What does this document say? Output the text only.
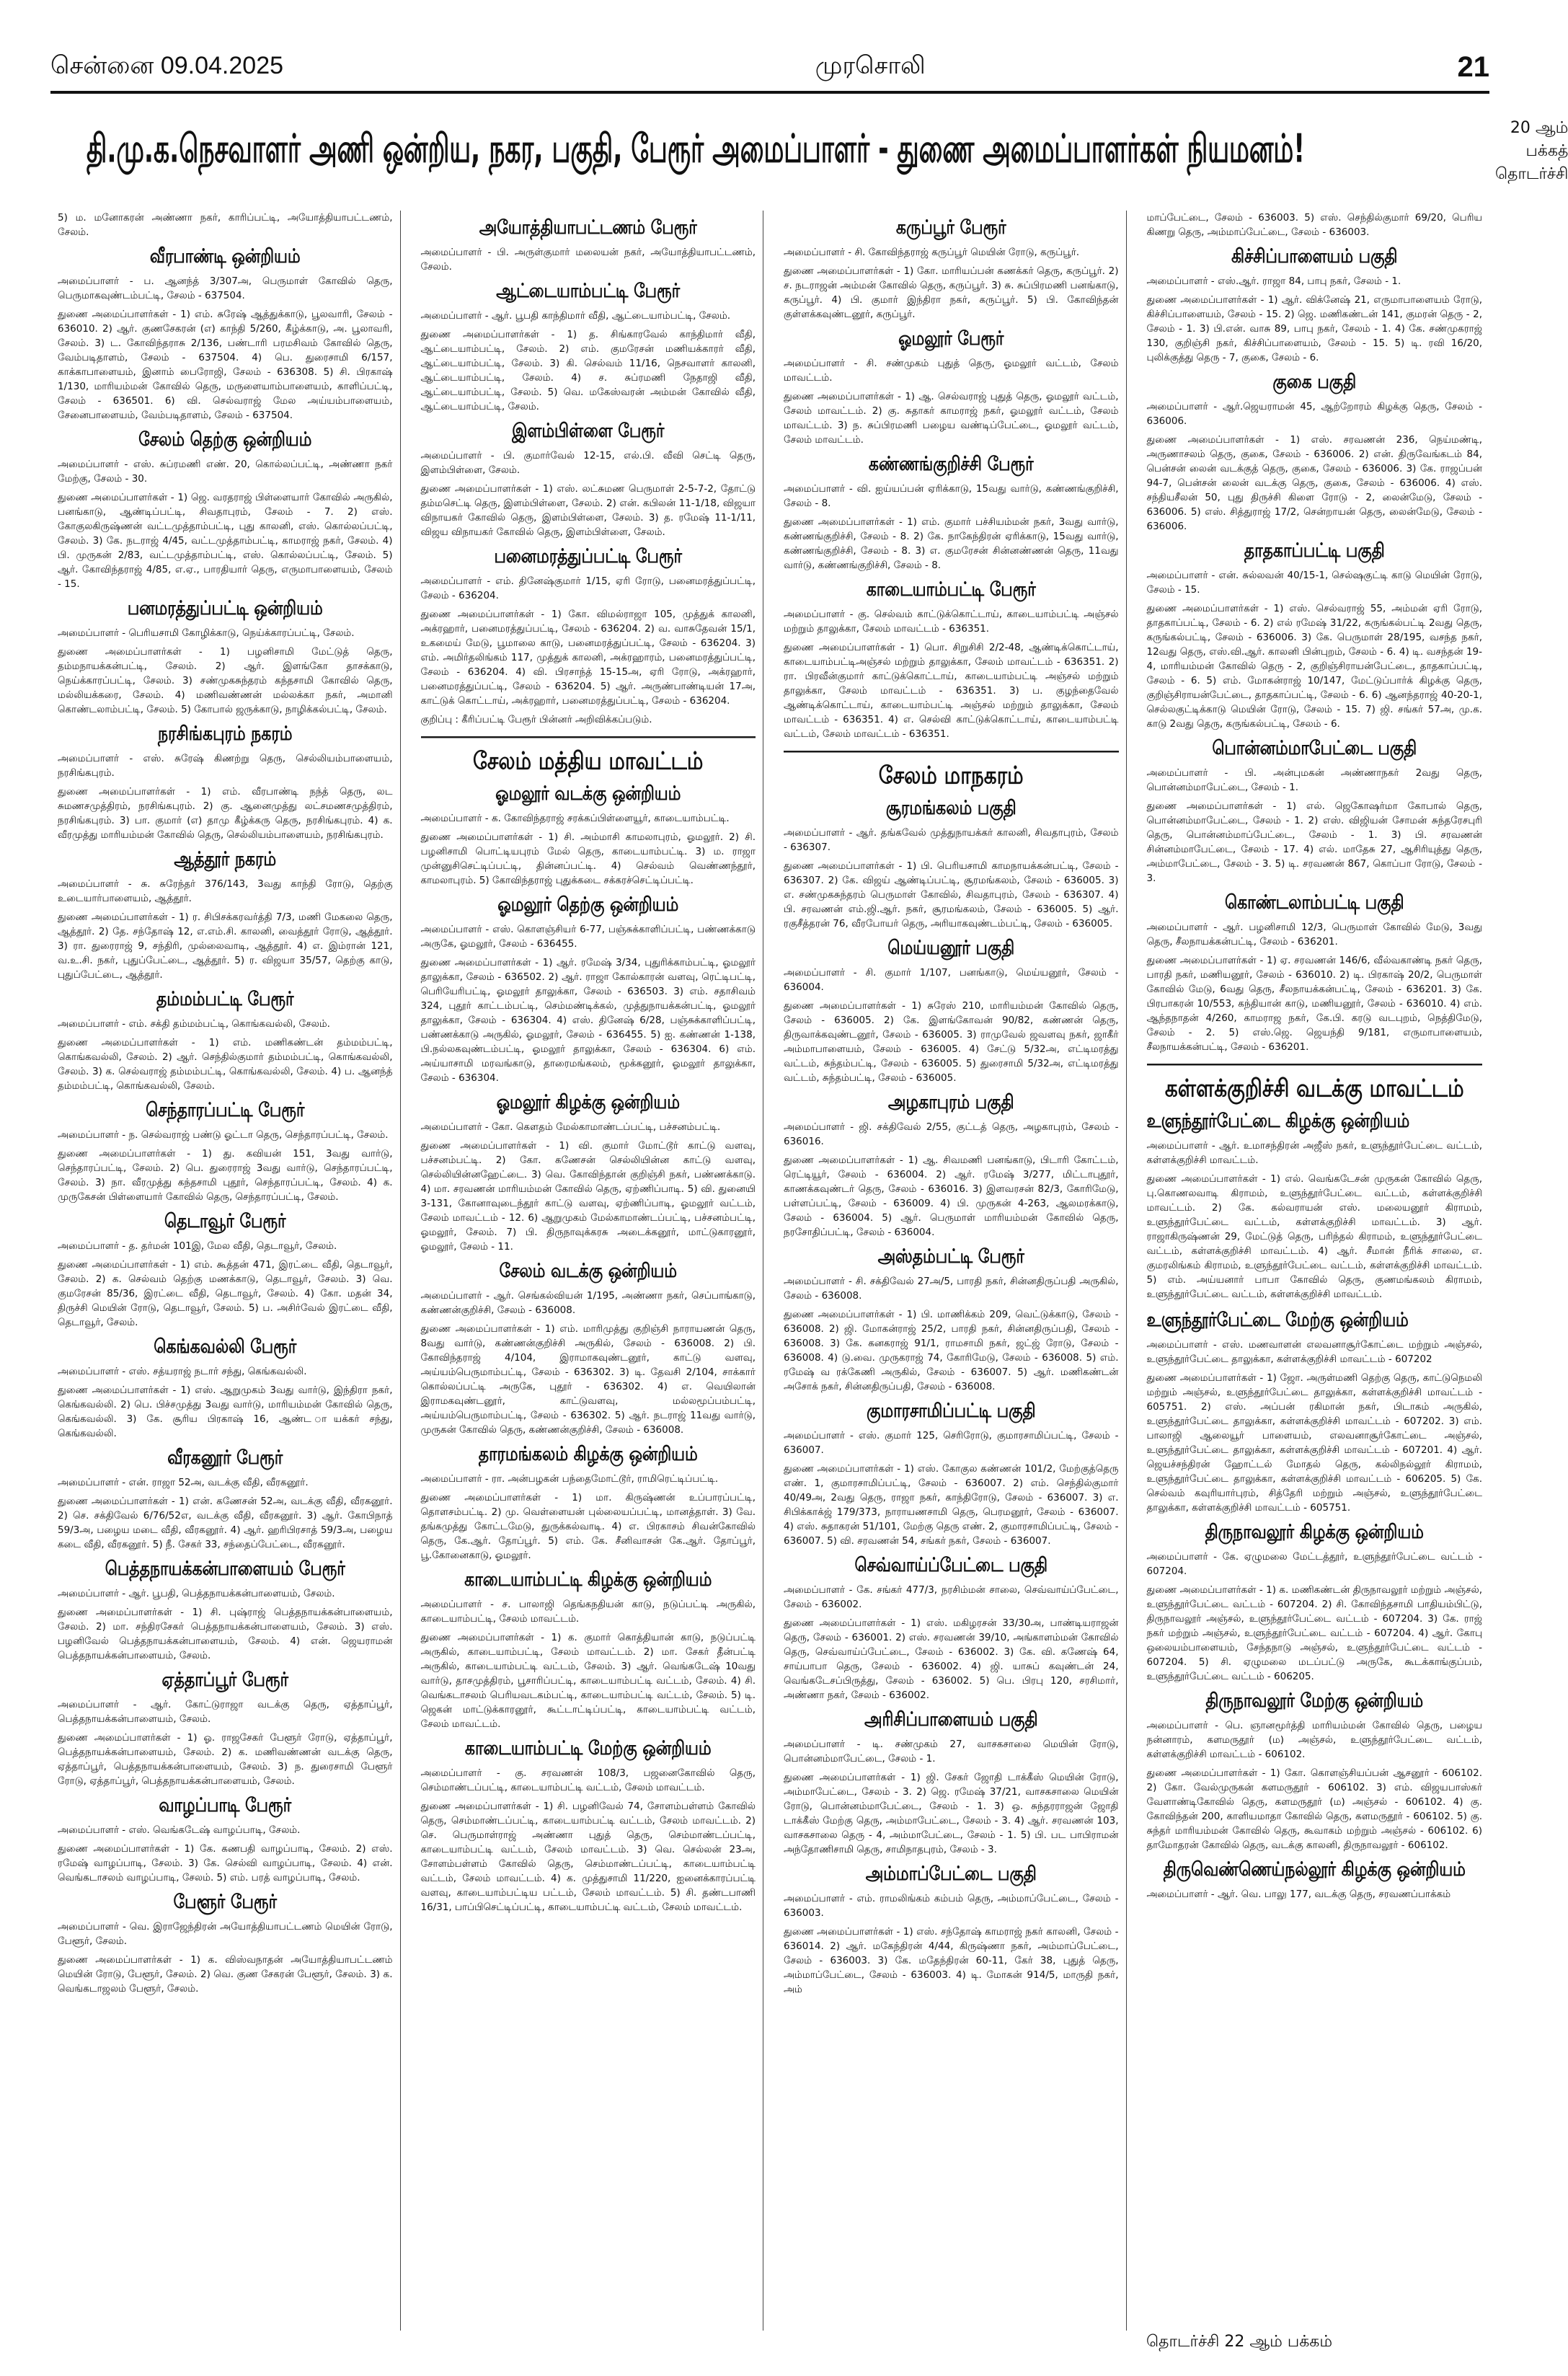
சென்னை 09.04.2025	முரசொலி	21
தி.மு.க.நெசவாளர் அணி ஒன்றிய, நகர, பகுதி, பேரூர் அமைப்பாளர் - துணை அமைப்பாளர்கள் நியமனம்!	20 ஆம் பக்கத்
தொடர்ச்சி
5) ம. மனோகரன் அண்ணா நகர், காரிப்பட்டி, அயோத்தியாபட்டணம், சேலம்.
வீரபாண்டி ஒன்றியம்
அமைப்பாளர் - ப. ஆனந்த் 3/307அ, பெருமாள் கோவில் தெரு, பெருமாகவுண்டம்பட்டி, சேலம் - 637504.
துணை அமைப்பாளர்கள் - 1) எம். சுரேஷ் ஆத்துக்காடு, பூலவாரி, சேலம் - 636010. 2) ஆர். குணசேகரன் (எ) காந்தி 5/260, கீழ்க்காடு, அ. பூலாவரி, சேலம். 3) ட. கோவிந்தராசு 2/136, பண்டாரி பரமசிவம் கோவில் தெரு, வேம்படிதாளம், சேலம் - 637504. 4) பெ. துரைசாமி 6/157, காக்காபாளையம், இனாம் பைரோஜி, சேலம் - 636308. 5) சி. பிரகாஷ் 1/130, மாரியம்மன் கோவில் தெரு, மருளையாம்பாளையம், காளிப்பட்டி, சேலம் - 636501. 6) வி. செல்வராஜ் மேல அய்யம்பாளையம், சேனைபாளையம், வேம்படிதாளம், சேலம் - 637504.
சேலம் தெற்கு ஒன்றியம்
அமைப்பாளர் - எஸ். சுப்ரமணி எண். 20, கொல்லப்பட்டி, அண்ணா நகர் மேற்கு, சேலம் - 30.
துணை அமைப்பாளர்கள் - 1) ஜெ. வரதராஜ் பிள்ளையார் கோவில் அருகில், பனங்காடு, ஆண்டிப்பட்டி, சிவதாபுரம், சேலம் - 7. 2) எஸ். கோகுலகிருஷ்ணன் வட்டமுத்தாம்பட்டி, புது காலனி, எஸ். கொல்லப்பட்டி, சேலம். 3) கே. நடராஜ் 4/45, வட்டமுத்தாம்பட்டி, காமராஜ் நகர், சேலம். 4) பி. முருகன் 2/83, வட்டமுத்தாம்பட்டி, எஸ். கொல்லப்பட்டி, சேலம். 5) ஆர். கோவிந்தராஜ் 4/85, எ.ஏ., பாரதியார் தெரு, எருமாபாளையம், சேலம் - 15.
பனமரத்துப்பட்டி ஒன்றியம்
அமைப்பாளர் - பெரியசாமி கோழிக்காடு, நெய்க்காரப்பட்டி, சேலம்.
துணை அமைப்பாளர்கள் - 1) பழனிசாமி மேட்டுத் தெரு, தம்மநாயக்கன்பட்டி, சேலம். 2) ஆர். இளங்கோ தாசக்காடு, நெய்க்காரப்பட்டி, சேலம். 3) சண்முகசுந்தரம் கந்தசாமி கோவில் தெரு, மல்லியக்கரை, சேலம். 4) மணிவண்ணன் மல்லக்கா நகர், அமானி கொண்டலாம்பட்டி, சேலம். 5) கோபால் ஜருக்காடு, நாழிக்கல்பட்டி, சேலம்.
நரசிங்கபுரம் நகரம்
அமைப்பாளர் - எஸ். சுரேஷ் கிணற்று தெரு, செல்லியம்பாளையம், நரசிங்கபுரம்.
துணை அமைப்பாளர்கள் - 1) எம். வீரபாண்டி நந்த் தெரு, லட சுமணசமுத்திரம், நரசிங்கபுரம். 2) கு. ஆனைமுத்து லட்சமணசமுத்திரம், நரசிங்கபுரம். 3) பா. குமார் (எ) தாமு கீழ்க்கரு தெரு, நரசிங்கபுரம். 4) க. வீரமுத்து மாரியம்மன் கோவில் தெரு, செல்லியம்பாளையம், நரசிங்கபுரம்.
ஆத்தூர் நகரம்
அமைப்பாளர் - சு. சுரேந்தர் 376/143, 3வது காந்தி ரோடு, தெற்கு உடையார்பாளையம், ஆத்தூர்.
துணை அமைப்பாளர்கள் - 1) ர. சிபிசக்கரவர்த்தி 7/3, மணி மேகலை தெரு, ஆத்தூர். 2) தே. சந்தோஷ் 12, எ.எம்.சி. காலனி, வைத்தூர் ரோடு, ஆத்தூர். 3) ரா. துரைராஜ் 9, சந்திரி, முல்லைவாடி, ஆத்தூர். 4) எ. இம்ரான் 121, வ.உ.சி. நகர், புதுப்பேட்டை, ஆத்தூர். 5) ர. விஜயா 35/57, தெற்கு காடு, புதுப்பேட்டை, ஆத்தூர்.
தம்மம்பட்டி பேரூர்
அமைப்பாளர் - எம். சக்தி தம்மம்பட்டி, கொங்கவல்லி, சேலம்.
துணை அமைப்பாளர்கள் - 1) எம். மணிகண்டன் தம்மம்பட்டி, கொங்கவல்லி, சேலம். 2) ஆர். செந்தில்குமார் தம்மம்பட்டி, கொங்கவல்லி, சேலம். 3) க. செல்வராஜ் தம்மம்பட்டி, கொங்கவல்லி, சேலம். 4) ப. ஆனந்த் தம்மம்பட்டி, கொங்கவல்லி, சேலம்.
செந்தாரப்பட்டி பேரூர்
அமைப்பாளர் - ந. செல்வராஜ் பண்டு ஓட்டா தெரு, செந்தாரப்பட்டி, சேலம்.
துணை அமைப்பாளர்கள் - 1) து. கவியன் 151, 3வது வார்டு, செந்தாரப்பட்டி, சேலம். 2) பெ. துரைராஜ் 3வது வார்டு, செந்தாரப்பட்டி, சேலம். 3) நா. வீரமுத்து கந்தசாமி புதூர், செந்தாரப்பட்டி, சேலம். 4) க. முருகேசன் பிள்ளையார் கோவில் தெரு, செந்தாரப்பட்டி, சேலம்.
தெடாவூர் பேரூர்
அமைப்பாளர் - த. தர்மன் 101இ, மேல வீதி, தெடாவூர், சேலம்.
துணை அமைப்பாளர்கள் - 1) எம். கூத்தன் 471, இரட்டை வீதி, தெடாவூர், சேலம். 2) க. செல்வம் தெற்கு மணக்காடு, தெடாவூர், சேலம். 3) வெ. குமரேசன் 85/36, இரட்டை வீதி, தெடாவூர், சேலம். 4) கோ. மதன் 34, திருச்சி மெயின் ரோடு, தெடாவூர், சேலம். 5) ப. அசிர்வேல் இரட்டை வீதி, தெடாவூர், சேலம்.
கெங்கவல்லி பேரூர்
அமைப்பாளர் - எஸ். சத்யராஜ் நடார் சந்து, கெங்கவல்லி.
துணை அமைப்பாளர்கள் - 1) எஸ். ஆறுமுகம் 3வது வார்டு, இந்திரா நகர், கெங்கவல்லி. 2) பெ. பிச்சமுத்து 3வது வார்டு, மாரியம்மன் கோவில் தெரு, கெங்கவல்லி. 3) கே. சூரிய பிரகாஷ் 16, ஆண்ட ாயக்கர் சந்து, கெங்கவல்லி.
வீரகனூர் பேரூர்
அமைப்பாளர் - என். ராஜா 52அ, வடக்கு வீதி, வீரகனூர்.
துணை அமைப்பாளர்கள் - 1) என். கணேசன் 52அ, வடக்கு வீதி, வீரகனூர். 2) செ. சக்திவேல் 6/76/52எ, வடக்கு வீதி, வீரகனூர். 3) ஆர். கோபிநாத் 59/3அ, பழைய மடை வீதி, வீரகனூர். 4) ஆர். ஹரிபிரசாத் 59/3அ, பழைய கடை வீதி, வீரகனூர். 5) நீ. சேகர் 33, சந்தைப்பேட்டை, வீரகனூர்.
பெத்தநாயக்கன்பாளையம் பேரூர்
அமைப்பாளர் - ஆர். பூபதி, பெத்தநாயக்கன்பாளையம், சேலம்.
துணை அமைப்பாளர்கள் - 1) சி. புஷ்ராஜ் பெத்தநாயக்கன்பாளையம், சேலம். 2) மா. சந்திரசேகர் பெத்தநாயக்கன்பாளையம், சேலம். 3) எஸ். பழனிவேல் பெத்தநாயக்கன்பாளையம், சேலம். 4) என். ஜெயராமன் பெத்தநாயக்கன்பாளையம், சேலம்.
ஏத்தாப்பூர் பேரூர்
அமைப்பாளர் - ஆர். கோட்டுராஜா வடக்கு தெரு, ஏத்தாப்பூர், பெத்தநாயக்கன்பாளையம், சேலம்.
துணை அமைப்பாளர்கள் - 1) ஓ. ராஜசேகர் பேளூர் ரோடு, ஏத்தாப்பூர், பெத்தநாயக்கன்பாளையம், சேலம். 2) க. மணிவண்ணன் வடக்கு தெரு, ஏத்தாப்பூர், பெத்தநாயக்கன்பாளையம், சேலம். 3) ந. துரைசாமி பேளூர் ரோடு, ஏத்தாப்பூர், பெத்தநாயக்கன்பாளையம், சேலம்.
வாழப்பாடி பேரூர்
அமைப்பாளர் - எஸ். வெங்கடேஷ் வாழப்பாடி, சேலம்.
துணை அமைப்பாளர்கள் - 1) கே. கணபதி வாழப்பாடி, சேலம். 2) எஸ். ரமேஷ் வாழப்பாடி, சேலம். 3) கே. செல்வி வாழப்பாடி, சேலம். 4) என். வெங்கடாசலம் வாழப்பாடி, சேலம். 5) எம். பரத் வாழப்பாடி, சேலம்.
பேளூர் பேரூர்
அமைப்பாளர் - வெ. இராஜேந்திரன் அயோத்தியாபட்டணம் மெயின் ரோடு, பேளூர், சேலம்.
துணை அமைப்பாளர்கள் - 1) க. விஸ்வநாதன் அயோத்தியாபட்டணம் மெயின் ரோடு, பேளூர், சேலம். 2) வெ. குண சேகரன் பேளூர், சேலம். 3) க. வெங்கடாஜலம் பேளூர், சேலம்.
அயோத்தியாபட்டணம் பேரூர்
அமைப்பாளர் - பி. அருள்குமார் மலையன் நகர், அயோத்தியாபட்டணம், சேலம்.
ஆட்டையாம்பட்டி பேரூர்
அமைப்பாளர் - ஆர். பூபதி காந்திமார் வீதி, ஆட்டையாம்பட்டி, சேலம்.
துணை அமைப்பாளர்கள் - 1) த. சிங்காரவேல் காந்திமார் வீதி, ஆட்டையாம்பட்டி, சேலம். 2) எம். குமரேசன் மணியக்காரர் வீதி, ஆட்டையாம்பட்டி, சேலம். 3) கி. செல்வம் 11/16, நெசவாளர் காலனி, ஆட்டையாம்பட்டி, சேலம். 4) ச. சுப்ரமணி நேதாஜி வீதி, ஆட்டையாம்பட்டி, சேலம். 5) வெ. மகேஸ்வரன் அம்மன் கோவில் வீதி, ஆட்டையாம்பட்டி, சேலம்.
இளம்பிள்ளை பேரூர்
அமைப்பாளர் - பி. குமார்வேல் 12-15, எல்.பி. வீவி செட்டி தெரு, இளம்பிள்ளை, சேலம்.
துணை அமைப்பாளர்கள் - 1) எஸ். லட்சுமண பெருமாள் 2-5-7-2, தோட்டு தம்மசெட்டி தெரு, இளம்பிள்ளை, சேலம். 2) என். கபிலன் 11-1/18, விஜயா விநாயகர் கோவில் தெரு, இளம்பிள்ளை, சேலம். 3) த. ரமேஷ் 11-1/11, விஜய விநாயகர் கோவில் தெரு, இளம்பிள்ளை, சேலம்.
பனைமரத்துப்பட்டி பேரூர்
அமைப்பாளர் - எம். தினேஷ்குமார் 1/15, ஏரி ரோடு, பனைமரத்துப்பட்டி, சேலம் - 636204.
துணை அமைப்பாளர்கள் - 1) கோ. விமல்ராஜா 105, முத்துக் காலனி, அக்ரஹார், பனைமரத்துப்பட்டி, சேலம் - 636204. 2) வ. வாசுதேவன் 15/1, உகமைய் மேடு, பூமாலை காடு, பனைமரத்துப்பட்டி, சேலம் - 636204. 3) எம். அமிர்தலிங்கம் 117, முத்துக் காலனி, அக்ரஹாரம், பனைமரத்துப்பட்டி, சேலம் - 636204. 4) வி. பிரசாந்த் 15-15அ, ஏரி ரோடு, அக்ரஹார், பனைமரத்துப்பட்டி, சேலம் - 636204. 5) ஆர். அருண்பாண்டியன் 17அ, காட்டுக் கொட்டாய், அக்ரஹார், பனைமரத்துப்பட்டி, சேலம் - 636204.
குறிப்பு : கீரிப்பட்டி பேரூர் பின்னர் அறிவிக்கப்படும்.
சேலம் மத்திய மாவட்டம்
ஓமலூர் வடக்கு ஒன்றியம்
அமைப்பாளர் - க. கோவிந்தராஜ் சரக்கப்பிள்ளையூர், காடையாம்பட்டி.
துணை அமைப்பாளர்கள் - 1) சி. அம்மாசி காமலாபுரம், ஓமலூர். 2) சி. பழனிசாமி பொட்டியபுரம் மேல் தெரு, காடையாம்பட்டி. 3) ம. ராஜா முன்னுசிசெட்டிப்பட்டி, தின்னப்பட்டி. 4) செல்வம் வெண்ணந்தூர், காமலாபுரம். 5) கோவிந்தராஜ் புதுக்கடை சக்கரச்செட்டிப்பட்டி.
ஓமலூர் தெற்கு ஒன்றியம்
அமைப்பாளர் - எஸ். கொளஞ்சியர் 6-77, பஞ்சுக்காளிப்பட்டி, பண்ணக்காடு அருகே, ஓமலூர், சேலம் - 636455.
துணை அமைப்பாளர்கள் - 1) ஆர். ரமேஷ் 3/34, புதுரிக்காம்பட்டி, ஓமலூர் தாலுக்கா, சேலம் - 636502. 2) ஆர். ராஜா கோல்காரன் வளவு, ரெட்டிபட்டி, பெரியேரிபட்டி, ஓமலூர் தாலுக்கா, சேலம் - 636503. 3) எம். சதாசிவம் 324, புதூர் காட்டம்பட்டி, செம்மண்டிக்கல், முத்துநாயக்கன்பட்டி, ஓமலூர் தாலுக்கா, சேலம் - 636304. 4) எஸ். தினேஷ் 6/28, பஞ்சுக்காளிப்பட்டி, பண்ணக்காடு அருகில், ஓமலூர், சேலம் - 636455. 5) ஐ. கண்ணன் 1-138, பி.நல்லகவுண்டம்பட்டி, ஓமலூர் தாலுக்கா, சேலம் - 636304. 6) எம். அய்யாசாமி மரவங்காடு, தாரைமங்கலம், மூக்கனூர், ஓமலூர் தாலுக்கா, சேலம் - 636304.
ஓமலூர் கிழக்கு ஒன்றியம்
அமைப்பாளர் - கோ. கௌதம் மேல்காமாண்டப்பட்டி, பச்சனம்பட்டி.
துணை அமைப்பாளர்கள் - 1) வி. குமார் மோட்டூர் காட்டு வளவு, பச்சனம்பட்டி. 2) கோ. கணேசன் செல்லியின்ன காட்டு வளவு, செல்லியின்னஹேட்டை. 3) வெ. கோவிந்தான் குறிஞ்சி நகர், பண்ணக்காடு. 4) மா. சரவணன் மாரியம்மன் கோவில் தெரு, ஏற்ணிப்பாடி. 5) வி. துனையி 3-131, கோனாவுடைந்தூர் காட்டு வளவு, ஏற்ணிப்பாடி, ஓமலூர் வட்டம், சேலம் மாவட்டம் - 12. 6) ஆறுமுகம் மேல்காமாண்டப்பட்டி, பச்சனம்பட்டி, ஓமலூர், சேலம். 7) பி. திருநாவுக்கரசு அடைக்கனூர், மாட்டுகாரனூர், ஓமலூர், சேலம் - 11.
சேலம் வடக்கு ஒன்றியம்
அமைப்பாளர் - ஆர். செங்கல்வியன் 1/195, அண்ணா நகர், செப்பாங்காடு, கண்ணன்குறிச்சி, சேலம் - 636008.
துணை அமைப்பாளர்கள் - 1) எம். மாரிமுத்து குறிஞ்சி நாராயணன் தெரு, 8வது வார்டு, கண்ணன்குறிச்சி அருகில், சேலம் - 636008. 2) பி. கோவிந்தராஜ் 4/104, இராமாகவுண்டனூர், காட்டு வளவு, அய்யம்பெருமாம்பட்டி, சேலம் - 636302. 3) டி. தேவசி 2/104, சாக்கார் கொல்லப்பட்டி அருகே, புதூர் - 636302. 4) எ. வெயிலான் இராமகவுண்டனூர், காட்டுவளவு, மல்லமூப்பம்பட்டி, அய்யம்பெருமாம்பட்டி, சேலம் - 636302. 5) ஆர். நடராஜ் 11வது வார்டு, முருகன் கோவில் தெரு, கண்ணன்குறிச்சி, சேலம் - 636008.
தாரமங்கலம் கிழக்கு ஒன்றியம்
அமைப்பாளர் - ரா. அன்பழகன் பந்தைமோட்டூர், ராமிரெட்டிப்பட்டி.
துணை அமைப்பாளர்கள் - 1) மா. கிருஷ்ணன் உப்பாரப்பட்டி, தொளசம்பட்டி. 2) மு. வெள்ளையன் புல்லையப்பட்டி, மானத்தாள். 3) வே. தங்கமுத்து கோட்டமேடு, துருக்கல்வாடி. 4) எ. பிரகாசம் சிவன்கோவில் தெரு, கே.ஆர். தோப்பூர். 5) எம். கே. சீனிவாசன் கே.ஆர். தோப்பூர், பூ.கோனைகாடு, ஓமலூர்.
காடையாம்பட்டி கிழக்கு ஒன்றியம்
அமைப்பாளர் - ச. பாலாஜி தெங்கநதியன் காடு, நடுப்பட்டி அருகில், காடையாம்பட்டி, சேலம் மாவட்டம்.
துணை அமைப்பாளர்கள் - 1) க. குமார் கொத்தியான் காடு, நடுப்பட்டி அருகில், காடையாம்பட்டி, சேலம் மாவட்டம். 2) மா. சேகர் தீன்பட்டி அருகில், காடையாம்பட்டி வட்டம், சேலம். 3) ஆர். வெங்கடேஷ் 10வது வார்டு, தாசமுத்திரம், பூசாரிப்பட்டி, காடையாம்பட்டி வட்டம், சேலம். 4) சி. வெங்கடாசலம் பெரியவடகம்பட்டி, காடையாம்பட்டி வட்டம், சேலம். 5) டி. ஜெகன் மாட்டுக்காரனூர், கூட்டாட்டிப்பட்டி, காடையாம்பட்டி வட்டம், சேலம் மாவட்டம்.
காடையாம்பட்டி மேற்கு ஒன்றியம்
அமைப்பாளர் - கு. சரவணன் 108/3, பஜனைகோவில் தெரு, செம்மாண்டப்பட்டி, காடையாம்பட்டி வட்டம், சேலம் மாவட்டம்.
துணை அமைப்பாளர்கள் - 1) சி. பழனிவேல் 74, சோளம்பள்ளம் கோவில் தெரு, செம்மாண்டப்பட்டி, காடையாம்பட்டி வட்டம், சேலம் மாவட்டம். 2) செ. பெருமாள்ராஜ் அண்ணா புதுத் தெரு, செம்மாண்டப்பட்டி, காடையாம்பட்டி வட்டம், சேலம் மாவட்டம். 3) வெ. செல்லன் 23அ, சோளம்பள்ளம் கோவில் தெரு, செம்மாண்டப்பட்டி, காடையாம்பட்டி வட்டம், சேலம் மாவட்டம். 4) க. முத்துசாமி 11/220, ஐனைக்காரப்பட்டி வளவு, காடையாம்பட்டிய பட்டம், சேலம் மாவட்டம். 5) சி. தண்டபாணி 16/31, பாப்பிசெட்டிப்பட்டி, காடையாம்பட்டி வட்டம், சேலம் மாவட்டம்.
கருப்பூர் பேரூர்
அமைப்பாளர் - சி. கோவிந்தராஜ் கருப்பூர் மெயின் ரோடு, கருப்பூர்.
துணை அமைப்பாளர்கள் - 1) கோ. மாரியப்பன் கணக்கர் தெரு, கருப்பூர். 2) ச. நடராஜன் அம்மன் கோவில் தெரு, கருப்பூர். 3) சு. சுப்பிரமணி பனங்காடு, கருப்பூர். 4) பி. குமார் இந்திரா நகர், கருப்பூர். 5) பி. கோவிந்தன் குள்ளக்கவுண்டனூர், கருப்பூர்.
ஓமலூர் பேரூர்
அமைப்பாளர் - சி. சண்முகம் புதுத் தெரு, ஓமலூர் வட்டம், சேலம் மாவட்டம்.
துணை அமைப்பாளர்கள் - 1) ஆ. செல்வராஜ் புதுத் தெரு, ஓமலூர் வட்டம், சேலம் மாவட்டம். 2) கு. சுதாகர் காமராஜ் நகர், ஓமலூர் வட்டம், சேலம் மாவட்டம். 3) ந. சுப்பிரமணி பழைய வண்டிப்பேட்டை, ஓமலூர் வட்டம், சேலம் மாவட்டம்.
கண்ணங்குறிச்சி பேரூர்
அமைப்பாளர் - வி. ஐய்யப்பன் ஏரிக்காடு, 15வது வார்டு, கண்ணங்குறிச்சி, சேலம் - 8.
துணை அமைப்பாளர்கள் - 1) எம். குமார் பச்சியம்மன் நகர், 3வது வார்டு, கண்ணங்குறிச்சி, சேலம் - 8. 2) கே. நாகேந்திரன் ஏரிக்காடு, 15வது வார்டு, கண்ணங்குறிச்சி, சேலம் - 8. 3) எ. குமரேசன் சின்னண்ணன் தெரு, 11வது வார்டு, கண்ணங்குறிச்சி, சேலம் - 8.
காடையாம்பட்டி பேரூர்
அமைப்பாளர் - கு. செல்வம் காட்டுக்கொட்டாய், காடையாம்பட்டி அஞ்சல் மற்றும் தாலுக்கா, சேலம் மாவட்டம் - 636351.
துணை அமைப்பாளர்கள் - 1) பொ. சிறுசிசி 2/2-48, ஆண்டிக்கொட்டாய், காடையாம்பட்டிஅஞ்சல் மற்றும் தாலுக்கா, சேலம் மாவட்டம் - 636351. 2) ரா. பிரவீன்குமார் காட்டுக்கொட்டாய், காடையாம்பட்டி அஞ்சல் மற்றும் தாலுக்கா, சேலம் மாவட்டம் - 636351. 3) ப. குழந்தைவேல் ஆண்டிக்கொட்டாய், காடையாம்பட்டி அஞ்சல் மற்றும் தாலுக்கா, சேலம் மாவட்டம் - 636351. 4) எ. செல்வி காட்டுக்கொட்டாய், காடையாம்பட்டி வட்டம், சேலம் மாவட்டம் - 636351.
சேலம் மாநகரம்
சூரமங்கலம் பகுதி
அமைப்பாளர் - ஆர். தங்கவேல் முத்துநாயக்கர் காலனி, சிவதாபுரம், சேலம் - 636307.
துணை அமைப்பாளர்கள் - 1) பி. பெரியசாமி காமநாயக்கன்பட்டி, சேலம் - 636307. 2) கே. விஜய் ஆண்டிப்பட்டி, சூரமங்கலம், சேலம் - 636005. 3) எ. சண்முகசுந்தரம் பெருமாள் கோவில், சிவதாபுரம், சேலம் - 636307. 4) பி. சரவணன் எம்.ஜி.ஆர். நகர், சூரமங்கலம், சேலம் - 636005. 5) ஆர். ரகுசீத்தரன் 76, வீரபோயர் தெரு, அரியாகவுண்டம்பட்டி, சேலம் - 636005.
மெய்யனூர் பகுதி
அமைப்பாளர் - சி. குமார் 1/107, பனங்காடு, மெய்யனூர், சேலம் - 636004.
துணை அமைப்பாளர்கள் - 1) சுரேஸ் 210, மாரியம்மன் கோவில் தெரு, சேலம் - 636005. 2) கே. இளங்கோவன் 90/82, கண்ணன் தெரு, திருவாக்கவுண்டனூர், சேலம் - 636005. 3) ராமுவேல் ஜவளவு நகர், ஜாகீர் அம்மாபாளையம், சேலம் - 636005. 4) சேட்டு 5/32அ, எட்டிமரத்து வட்டம், சுந்தம்பட்டி, சேலம் - 636005. 5) துரைசாமி 5/32அ, எட்டிமரத்து வட்டம், சுந்தம்பட்டி, சேலம் - 636005.
அழகாபுரம் பகுதி
அமைப்பாளர் - ஜி. சக்திவேல் 2/55, குட்டத் தெரு, அழகாபுரம், சேலம் - 636016.
துணை அமைப்பாளர்கள் - 1) ஆ. சிவமணி பனங்காடு, பிடாரி கோட்டம், ரெட்டியூர், சேலம் - 636004. 2) ஆர். ரமேஷ் 3/277, மிட்டாபுதூர், காணக்கவுண்டர் தெரு, சேலம் - 636016. 3) இளவரசன் 82/3, கோரிமேடு, பள்ளப்பட்டி, சேலம் - 636009. 4) பி. முருகன் 4-263, ஆலமரக்காடு, சேலம் - 636004. 5) ஆர். பெருமாள் மாரியம்மன் கோவில் தெரு, நரசோதிப்பட்டி, சேலம் - 636004.
அஸ்தம்பட்டி பேரூர்
அமைப்பாளர் - சி. சக்திவேல் 27அ/5, பாரதி நகர், சின்னதிருப்பதி அருகில், சேலம் - 636008.
துணை அமைப்பாளர்கள் - 1) பி. மாணிக்கம் 209, வெட்டுக்காடு, சேலம் - 636008. 2) ஜி. மோகன்ராஜ் 25/2, பாரதி நகர், சின்னதிருப்பதி, சேலம் - 636008. 3) கே. கனகராஜ் 91/1, ராமசாமி நகர், ஜட்ஜ் ரோடு, சேலம் - 636008. 4) டு.வை. முருகராஜ் 74, கோரிமேடு, சேலம் - 636008. 5) எம். ரமேஷ் வ ரக்கேணி அருகில், சேலம் - 636007. 5) ஆர். மணிகண்டன் அசோக் நகர், சின்னதிருப்பதி, சேலம் - 636008.
குமாரசாமிப்பட்டி பகுதி
அமைப்பாளர் - எஸ். குமார் 125, செரிரோடு, குமாரசாமிப்பட்டி, சேலம் - 636007.
துணை அமைப்பாளர்கள் - 1) எஸ். கோகுல கண்ணன் 101/2, மேற்குத்தெரு எண். 1, குமாரசாமிப்பட்டி, சேலம் - 636007. 2) எம். செந்தில்குமார் 40/49அ, 2வது தெரு, ராஜா நகர், காந்திரோடு, சேலம் - 636007. 3) எ. சிபிக்காக்ஜ் 179/373, நாராயணசாமி தெரு, பெரமனூர், சேலம் - 636007. 4) எஸ். சுதாகரன் 51/101, மேற்கு தெரு எண். 2, குமாரசாமிப்பட்டி, சேலம் - 636007. 5) வி. சரவணன் 54, சங்கர் நகர், சேலம் - 636007.
செவ்வாய்ப்பேட்டை பகுதி
அமைப்பாளர் - கே. சங்கர் 477/3, நரசிம்மன் சாலை, செவ்வாய்ப்பேட்டை, சேலம் - 636002.
துணை அமைப்பாளர்கள் - 1) எஸ். மகிழரசன் 33/30அ, பாண்டியராஜன் தெரு, சேலம் - 636001. 2) எஸ். சரவணன் 39/10, அங்காளம்மன் கோவில் தெரு, செவ்வாய்ப்பேட்டை, சேலம் - 636002. 3) கே. வி. கணேஷ் 64, சாய்பாபா தெரு, சேலம் - 636002. 4) ஜி. யாசுப் கவுண்டன் 24, வெங்கடேசப்பிருத்து, சேலம் - 636002. 5) பெ. பிரபு 120, சரசிமார், அண்ணா நகர், சேலம் - 636002.
அரிசிப்பாளையம் பகுதி
அமைப்பாளர் - டி. சண்முகம் 27, வாசகசாலை மெயின் ரோடு, பொன்னம்மாபேட்டை, சேலம் - 1.
துணை அமைப்பாளர்கள் - 1) ஜி. சேகர் ஜோதி டாக்கீஸ் மெயின் ரோடு, அம்மாபேட்டை, சேலம் - 3. 2) ஜெ. ரமேஷ் 37/21, வாசகசாலை மெயின் ரோடு, பொன்னம்மாபேட்டை, சேலம் - 1. 3) ஒ. சுந்தரராஜன் ஜோதி டாக்கீஸ் மேற்கு தெரு, அம்மாபேட்டை, சேலம் - 3. 4) ஆர். சரவணன் 103, வாசகசாலை தெரு - 4, அம்மாபேட்டை, சேலம் - 1. 5) பி. பட பாபிராமன் அந்தோணிசாமி தெரு, சாமிநாதபுரம், சேலம் - 3.
அம்மாப்பேட்டை பகுதி
அமைப்பாளர் - எம். ராமலிங்கம் கம்பம் தெரு, அம்மாப்பேட்டை, சேலம் - 636003.
துணை அமைப்பாளர்கள் - 1) எஸ். சந்தோஷ் காமராஜ் நகர் காலனி, சேலம் - 636014. 2) ஆர். மகேந்திரன் 4/44, கிருஷ்ணா நகர், அம்மாப்பேட்டை, சேலம் - 636003. 3) கே. மதேந்திரன் 60-11, கேர் 38, புதுத் தெரு, அம்மாப்பேட்டை, சேலம் - 636003. 4) டி. மோகன் 914/5, மாருதி நகர், அம்
மாப்பேட்டை, சேலம் - 636003. 5) எஸ். செந்தில்குமார் 69/20, பெரிய கிணறு தெரு, அம்மாப்பேட்டை, சேலம் - 636003.
கிச்சிப்பாளையம் பகுதி
அமைப்பாளர் - எஸ்.ஆர். ராஜா 84, பாபு நகர், சேலம் - 1.
துணை அமைப்பாளர்கள் - 1) ஆர். விக்னேஷ் 21, எருமாபாளையம் ரோடு, கிச்சிப்பாளையம், சேலம் - 15. 2) ஜெ. மணிகண்டன் 141, குமரன் தெரு - 2, சேலம் - 1. 3) பி.என். வாசு 89, பாபு நகர், சேலம் - 1. 4) கே. சண்முகராஜ் 130, குறிஞ்சி நகர், கிச்சிப்பாளையம், சேலம் - 15. 5) டி. ரவி 16/20, புலிக்குத்து தெரு - 7, குகை, சேலம் - 6.
குகை பகுதி
அமைப்பாளர் - ஆர்.ஜெயராமன் 45, ஆற்றோரம் கிழக்கு தெரு, சேலம் - 636006.
துணை அமைப்பாளர்கள் - 1) எஸ். சரவணன் 236, நெய்மண்டி, அருணாசலம் தெரு, குகை, சேலம் - 636006. 2) என். திருவேங்கடம் 84, பென்சன் லைன் வடக்குத் தெரு, குகை, சேலம் - 636006. 3) கே. ராஜப்பன் 94-7, பென்சன் லைன் வடக்கு தெரு, குகை, சேலம் - 636006. 4) எஸ். சந்தியசீலன் 50, புது திருச்சி கிளை ரோடு - 2, லைன்மேடு, சேலம் - 636006. 5) எஸ். சித்துராஜ் 17/2, சென்றாயன் தெரு, லைன்மேடு, சேலம் - 636006.
தாதகாப்பட்டி பகுதி
அமைப்பாளர் - என். சுல்லவன் 40/15-1, செல்ஷகுட்டி காடு மெயின் ரோடு, சேலம் - 15.
துணை அமைப்பாளர்கள் - 1) எஸ். செல்வராஜ் 55, அம்மன் ஏரி ரோடு, தாதகாப்பட்டி, சேலம் - 6. 2) எல் ரமேஷ் 31/22, கருங்கல்பட்டி 2வது தெரு, கருங்கல்பட்டி, சேலம் - 636006. 3) கே. பெருமாள் 28/195, வசந்த நகர், 12வது தெரு, எஸ்.வி.ஆர். காலனி பின்புறம், சேலம் - 6. 4) டி. வசந்தன் 19-4, மாரியம்மன் கோவில் தெரு - 2, குறிஞ்சிராயன்பேட்டை, தாதகாப்பட்டி, சேலம் - 6. 5) எம். மோகன்ராஜ் 10/147, மேட்டுப்பார்க் கிழக்கு தெரு, குறிஞ்சிராயன்பேட்டை, தாதகாப்பட்டி, சேலம் - 6. 6) ஆனந்தராஜ் 40-20-1, செல்லகுட்டிக்காடு மெயின் ரோடு, சேலம் - 15. 7) ஜி. சங்கர் 57அ, மு.க. காடு 2வது தெரு, கருங்கல்பட்டி, சேலம் - 6.
பொன்னம்மாபேட்டை பகுதி
அமைப்பாளர் - பி. அன்புமகன் அண்ணாநகர் 2வது தெரு, பொன்னம்மாபேட்டை, சேலம் - 1.
துணை அமைப்பாளர்கள் - 1) எல். ஜெகோஷர்மா கோபால் தெரு, பொன்னம்மாபேட்டை, சேலம் - 1. 2) எஸ். விஜியன் சோமன் சுந்தரேசபுரி தெரு, பொன்னம்மாப்பேட்டை, சேலம் - 1. 3) பி. சரவணன் சின்னம்மாபேட்டை, சேலம் - 17. 4) எல். மாதேசு 27, ஆசிரியுத்து தெரு, அம்மாபேட்டை, சேலம் - 3. 5) டி. சரவணன் 867, கொப்பா ரோடு, சேலம் - 3.
கொண்டலாம்பட்டி பகுதி
அமைப்பாளர் - ஆர். பழனிசாமி 12/3, பெருமாள் கோவில் மேடு, 3வது தெரு, சீலநாயக்கன்பட்டி, சேலம் - 636201.
துணை அமைப்பாளர்கள் - 1) ஏ. சரவணன் 146/6, வீல்வகாண்டி நகர் தெரு, பாரதி நகர், மணியனூர், சேலம் - 636010. 2) டி. பிரகாஷ் 20/2, பெருமாள் கோவில் மேடு, 6வது தெரு, சீலநாயக்கன்பட்டி, சேலம் - 636201. 3) கே. பிரபாகரன் 10/553, கந்தியான் காடு, மணியனூர், சேலம் - 636010. 4) எம். ஆந்தநாதன் 4/260, காமராஜ நகர், கே.பி. கரடு வடபுறம், நெத்திமேடு, சேலம் - 2. 5) எஸ்.ஜெ. ஜெயந்தி 9/181, எருமாபாளையம், சீலநாயக்கன்பட்டி, சேலம் - 636201.
கள்ளக்குறிச்சி வடக்கு மாவட்டம்
உளுந்தூர்பேட்டை கிழக்கு ஒன்றியம்
அமைப்பாளர் - ஆர். உமாசந்திரன் அஜீஸ் நகர், உளுந்தூர்பேட்டை வட்டம், கள்ளக்குறிச்சி மாவட்டம்.
துணை அமைப்பாளர்கள் - 1) எல். வெங்கடேசன் முருகன் கோவில் தெரு, பு.கொணலவாடி கிராமம், உளுந்தூர்பேட்டை வட்டம், கள்ளக்குறிச்சி மாவட்டம். 2) கே. கல்வராயன் எஸ். மலையனூர் கிராமம், உளுந்தூர்பேட்டை வட்டம், கள்ளக்குறிச்சி மாவட்டம். 3) ஆர். ராஜாகிருஷ்ணன் 29, மேட்டுத் தெரு, பரிந்தல் கிராமம், உளுந்தூர்பேட்டை வட்டம், கள்ளக்குறிச்சி மாவட்டம். 4) ஆர். சீமான் நீரிக் சாலை, எ. குமரலிங்கம் கிராமம், உளுந்தூர்பேட்டை வட்டம், கள்ளக்குறிச்சி மாவட்டம். 5) எம். அய்யனார் பாபா கோவில் தெரு, குணமங்கலம் கிராமம், உளுந்தூர்பேட்டை வட்டம், கள்ளக்குறிச்சி மாவட்டம்.
உளுந்தூர்பேட்டை மேற்கு ஒன்றியம்
அமைப்பாளர் - எஸ். மணவாளன் எலவனாசூர்கோட்டை மற்றும் அஞ்சல், உளுந்தூர்பேட்டை தாலுக்கா, கள்ளக்குறிச்சி மாவட்டம் - 607202
துணை அமைப்பாளர்கள் - 1) ஜோ. அருள்மணி தெற்கு தெரு, காட்டுநெமலி மற்றும் அஞ்சல், உளுந்தூர்பேட்டை தாலுக்கா, கள்ளக்குறிச்சி மாவட்டம் - 605751. 2) எஸ். அப்பன் ரகிமான் நகர், பிடாகம் அருகில், உளுந்தூர்பேட்டை தாலுக்கா, கள்ளக்குறிச்சி மாவட்டம் - 607202. 3) எம். பாலாஜி ஆலையூர் பாளையம், எலவனாசூர்கோட்டை அஞ்சல், உளுந்தூர்பேட்டை தாலுக்கா, கள்ளக்குறிச்சி மாவட்டம் - 607201. 4) ஆர். ஜெயச்சந்திரன் ஹோட்டல் மோதல் தெரு, கல்லிநல்லூர் கிராமம், உளுந்தூர்பேட்டை தாலுக்கா, கள்ளக்குறிச்சி மாவட்டம் - 606205. 5) கே. செல்வம் கவுரியார்புரம், சித்தேரி மற்றும் அஞ்சல், உளுந்தூர்பேட்டை தாலுக்கா, கள்ளக்குறிச்சி மாவட்டம் - 605751.
திருநாவலூர் கிழக்கு ஒன்றியம்
அமைப்பாளர் - கே. ஏழுமலை மேட்டத்தூர், உளுந்தூர்பேட்டை வட்டம் - 607204.
துணை அமைப்பாளர்கள் - 1) க. மணிகண்டன் திருநாவலூர் மற்றும் அஞ்சல், உளுந்தூர்பேட்டை வட்டம் - 607204. 2) சி. கோவிந்தசாமி பாதியம்பிட்டு, திருநாவலூர் அஞ்சல், உளுந்தூர்பேட்டை வட்டம் - 607204. 3) கே. ராஜ் நகர் மற்றும் அஞ்சல், உளுந்தூர்பேட்டை வட்டம் - 607204. 4) ஆர். கோபு ஒலையம்பாளையம், சேந்தநாடு அஞ்சல், உளுந்தூர்பேட்டை வட்டம் - 607204. 5) சி. ஏழுமலை மடப்பட்டு அருகே, கூடக்காங்குப்பம், உளுந்தூர்பேட்டை வட்டம் - 606205.
திருநாவலூர் மேற்கு ஒன்றியம்
அமைப்பாளர் - பெ. ஞானமூர்த்தி மாரியம்மன் கோவில் தெரு, பழைய நன்னாரம், களமருதூர் (ம) அஞ்சல், உளுந்தூர்பேட்டை வட்டம், கள்ளக்குறிச்சி மாவட்டம் - 606102.
துணை அமைப்பாளர்கள் - 1) கோ. கொளஞ்சியப்பன் ஆசனூர் - 606102. 2) கோ. வேல்முருகன் களமருதூர் - 606102. 3) எம். விஜயபாஸ்கர் வேளாண்டிகோவில் தெரு, களமருதூர் (ம) அஞ்சல் - 606102. 4) கு. கோவிந்தன் 200, காளியமாதா கோவில் தெரு, களமருதூர் - 606102. 5) கு. சுந்தர் மாரியம்மன் கோவில் தெரு, கூவாகம் மற்றும் அஞ்சல் - 606102. 6) தாமோதரன் கோவில் தெரு, வடக்கு காலனி, திருநாவலூர் - 606102.
திருவெண்ணெய்நல்லூர் கிழக்கு ஒன்றியம்
அமைப்பாளர் - ஆர். வெ. பாலு 177, வடக்கு தெரு, சரவணப்பாக்கம்
தொடர்ச்சி 22 ஆம் பக்கம்
